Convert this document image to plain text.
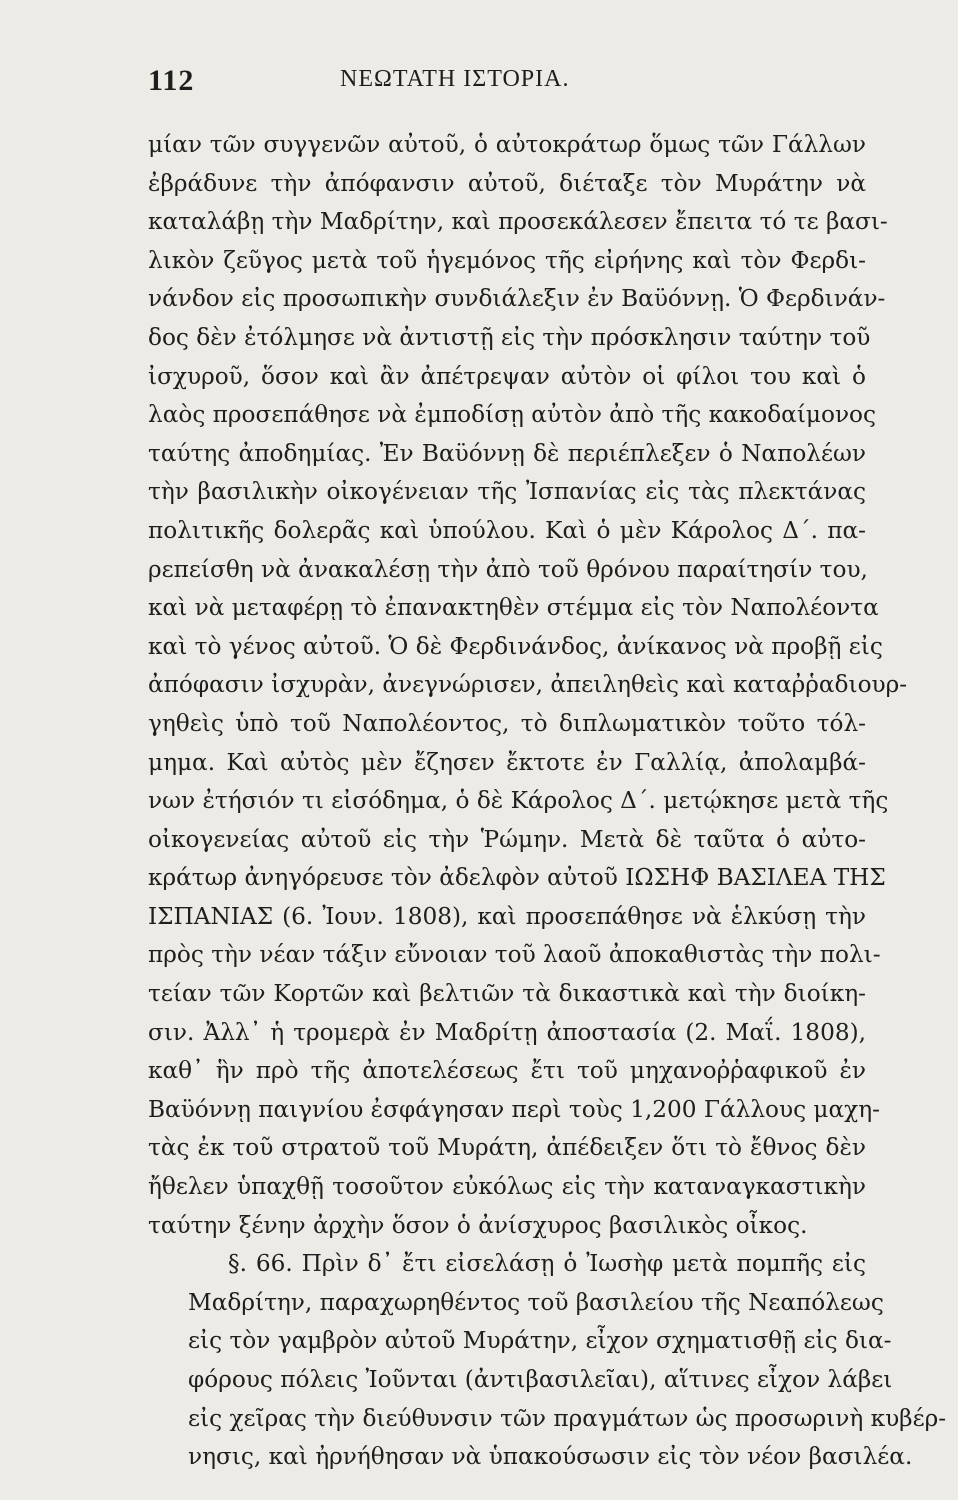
112	ΝΕΩΤΑΤΗ ΙΣΤΟΡΙΑ.

μίαν τῶν συγγενῶν αὐτοῦ, ὁ αὐτοκράτωρ ὅμως τῶν Γάλλων
ἐβράδυνε τὴν ἀπόφανσιν αὐτοῦ, διέταξε τὸν Μυράτην νὰ
καταλάβῃ τὴν Μαδρίτην, καὶ προσεκάλεσεν ἔπειτα τό τε βασι-
λικὸν ζεῦγος μετὰ τοῦ ἡγεμόνος τῆς εἰρήνης καὶ τὸν Φερδι-
νάνδον εἰς προσωπικὴν συνδιάλεξιν ἐν Βαϋόννῃ. Ὁ Φερδινάν-
δος δὲν ἐτόλμησε νὰ ἀντιστῇ εἰς τὴν πρόσκλησιν ταύτην τοῦ
ἰσχυροῦ, ὅσον καὶ ἂν ἀπέτρεψαν αὐτὸν οἱ φίλοι του καὶ ὁ
λαὸς προσεπάθησε νὰ ἐμποδίσῃ αὐτὸν ἀπὸ τῆς κακοδαίμονος
ταύτης ἀποδημίας. Ἐν Βαϋόννῃ δὲ περιέπλεξεν ὁ Ναπολέων
τὴν βασιλικὴν οἰκογένειαν τῆς Ἰσπανίας εἰς τὰς πλεκτάνας
πολιτικῆς δολερᾶς καὶ ὑπούλου. Καὶ ὁ μὲν Κάρολος Δ΄. πα-
ρεπείσθη νὰ ἀνακαλέσῃ τὴν ἀπὸ τοῦ θρόνου παραίτησίν του,
καὶ νὰ μεταφέρῃ τὸ ἐπανακτηθὲν στέμμα εἰς τὸν Ναπολέοντα
καὶ τὸ γένος αὐτοῦ. Ὁ δὲ Φερδινάνδος, ἀνίκανος νὰ προβῇ εἰς
ἀπόφασιν ἰσχυρὰν, ἀνεγνώρισεν, ἀπειληθεὶς καὶ καταῤῥαδιουρ-
γηθεὶς ὑπὸ τοῦ Ναπολέοντος, τὸ διπλωματικὸν τοῦτο τόλ-
μημα. Καὶ αὐτὸς μὲν ἔζησεν ἔκτοτε ἐν Γαλλίᾳ, ἀπολαμβά-
νων ἐτήσιόν τι εἰσόδημα, ὁ δὲ Κάρολος Δ΄. μετῴκησε μετὰ τῆς
οἰκογενείας αὐτοῦ εἰς τὴν Ῥώμην. Μετὰ δὲ ταῦτα ὁ αὐτο-
κράτωρ ἀνηγόρευσε τὸν ἀδελφὸν αὐτοῦ ΙΩΣΗΦ ΒΑΣΙΛΕΑ ΤΗΣ
ΙΣΠΑΝΙΑΣ (6. Ἰουν. 1808), καὶ προσεπάθησε νὰ ἑλκύσῃ τὴν
πρὸς τὴν νέαν τάξιν εὔνοιαν τοῦ λαοῦ ἀποκαθιστὰς τὴν πολι-
τείαν τῶν Κορτῶν καὶ βελτιῶν τὰ δικαστικὰ καὶ τὴν διοίκη-
σιν. Ἀλλ᾽ ἡ τρομερὰ ἐν Μαδρίτῃ ἀποστασία (2. Μαΐ. 1808),
καθ᾽ ἣν πρὸ τῆς ἀποτελέσεως ἔτι τοῦ μηχανοῤῥαφικοῦ ἐν
Βαϋόννῃ παιγνίου ἐσφάγησαν περὶ τοὺς 1,200 Γάλλους μαχη-
τὰς ἐκ τοῦ στρατοῦ τοῦ Μυράτη, ἀπέδειξεν ὅτι τὸ ἔθνος δὲν
ἤθελεν ὑπαχθῇ τοσοῦτον εὐκόλως εἰς τὴν καταναγκαστικὴν
ταύτην ξένην ἀρχὴν ὅσον ὁ ἀνίσχυρος βασιλικὸς οἶκος.

§. 66. Πρὶν δ᾽ ἔτι εἰσελάσῃ ὁ Ἰωσὴφ μετὰ πομπῆς εἰς
Μαδρίτην, παραχωρηθέντος τοῦ βασιλείου τῆς Νεαπόλεως
εἰς τὸν γαμβρὸν αὐτοῦ Μυράτην, εἶχον σχηματισθῇ εἰς δια-
φόρους πόλεις Ἰοῦνται (ἀντιβασιλεῖαι), αἵτινες εἶχον λάβει
εἰς χεῖρας τὴν διεύθυνσιν τῶν πραγμάτων ὡς προσωρινὴ κυβέρ-
νησις, καὶ ἠρνήθησαν νὰ ὑπακούσωσιν εἰς τὸν νέον βασιλέα.
